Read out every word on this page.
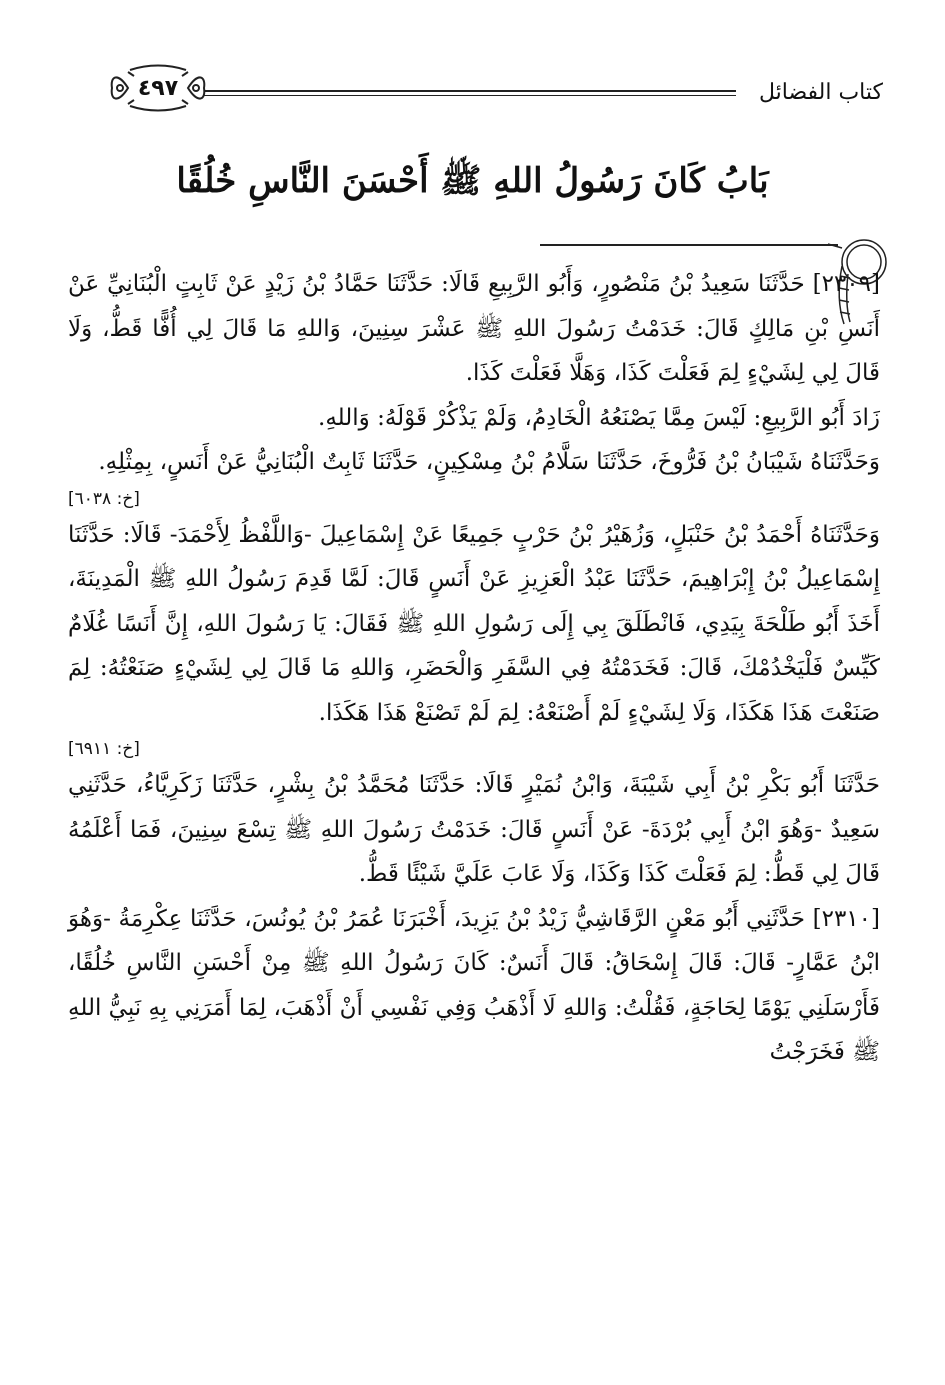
كتاب الفضائل
٤٩٧
بَابُ كَانَ رَسُولُ اللهِ ﷺ أَحْسَنَ النَّاسِ خُلُقًا

[٢٣٠٩] حَدَّثَنَا سَعِيدُ بْنُ مَنْصُورٍ، وَأَبُو الرَّبِيعِ قَالَا: حَدَّثَنَا حَمَّادُ بْنُ زَيْدٍ عَنْ ثَابِتٍ الْبُنَانِيِّ عَنْ أَنَسِ بْنِ مَالِكٍ قَالَ: خَدَمْتُ رَسُولَ اللهِ ﷺ عَشْرَ سِنِينَ، وَاللهِ مَا قَالَ لِي أُفًّا قَطُّ، وَلَا قَالَ لِي لِشَيْءٍ لِمَ فَعَلْتَ كَذَا، وَهَلَّا فَعَلْتَ كَذَا.

زَادَ أَبُو الرَّبِيعِ: لَيْسَ مِمَّا يَصْنَعُهُ الْخَادِمُ، وَلَمْ يَذْكُرْ قَوْلَهُ: وَاللهِ.

وَحَدَّثَنَاهُ شَيْبَانُ بْنُ فَرُّوخَ، حَدَّثَنَا سَلَّامُ بْنُ مِسْكِينٍ، حَدَّثَنَا ثَابِتٌ الْبُنَانِيُّ عَنْ أَنَسٍ، بِمِثْلِهِ.

[خ: ٦٠٣٨]

وَحَدَّثَنَاهُ أَحْمَدُ بْنُ حَنْبَلٍ، وَزُهَيْرُ بْنُ حَرْبٍ جَمِيعًا عَنْ إِسْمَاعِيلَ -وَاللَّفْظُ لِأَحْمَدَ- قَالَا: حَدَّثَنَا إِسْمَاعِيلُ بْنُ إِبْرَاهِيمَ، حَدَّثَنَا عَبْدُ الْعَزِيزِ عَنْ أَنَسٍ قَالَ: لَمَّا قَدِمَ رَسُولُ اللهِ ﷺ الْمَدِينَةَ، أَخَذَ أَبُو طَلْحَةَ بِيَدِي، فَانْطَلَقَ بِي إِلَى رَسُولِ اللهِ ﷺ فَقَالَ: يَا رَسُولَ اللهِ، إِنَّ أَنَسًا غُلَامٌ كَيِّسٌ فَلْيَخْدُمْكَ، قَالَ: فَخَدَمْتُهُ فِي السَّفَرِ وَالْحَضَرِ، وَاللهِ مَا قَالَ لِي لِشَيْءٍ صَنَعْتُهُ: لِمَ صَنَعْتَ هَذَا هَكَذَا، وَلَا لِشَيْءٍ لَمْ أَصْنَعْهُ: لِمَ لَمْ تَصْنَعْ هَذَا هَكَذَا.

[خ: ٦٩١١]

حَدَّثَنَا أَبُو بَكْرِ بْنُ أَبِي شَيْبَةَ، وَابْنُ نُمَيْرٍ قَالَا: حَدَّثَنَا مُحَمَّدُ بْنُ بِشْرٍ، حَدَّثَنَا زَكَرِيَّاءُ، حَدَّثَنِي سَعِيدٌ -وَهُوَ ابْنُ أَبِي بُرْدَةَ- عَنْ أَنَسٍ قَالَ: خَدَمْتُ رَسُولَ اللهِ ﷺ تِسْعَ سِنِينَ، فَمَا أَعْلَمُهُ قَالَ لِي قَطُّ: لِمَ فَعَلْتَ كَذَا وَكَذَا، وَلَا عَابَ عَلَيَّ شَيْئًا قَطُّ.

[٢٣١٠] حَدَّثَنِي أَبُو مَعْنٍ الرَّقَاشِيُّ زَيْدُ بْنُ يَزِيدَ، أَخْبَرَنَا عُمَرُ بْنُ يُونُسَ، حَدَّثَنَا عِكْرِمَةُ -وَهُوَ ابْنُ عَمَّارٍ- قَالَ: قَالَ إِسْحَاقُ: قَالَ أَنَسٌ: كَانَ رَسُولُ اللهِ ﷺ مِنْ أَحْسَنِ النَّاسِ خُلُقًا، فَأَرْسَلَنِي يَوْمًا لِحَاجَةٍ، فَقُلْتُ: وَاللهِ لَا أَذْهَبُ وَفِي نَفْسِي أَنْ أَذْهَبَ، لِمَا أَمَرَنِي بِهِ نَبِيُّ اللهِ ﷺ فَخَرَجْتُ
